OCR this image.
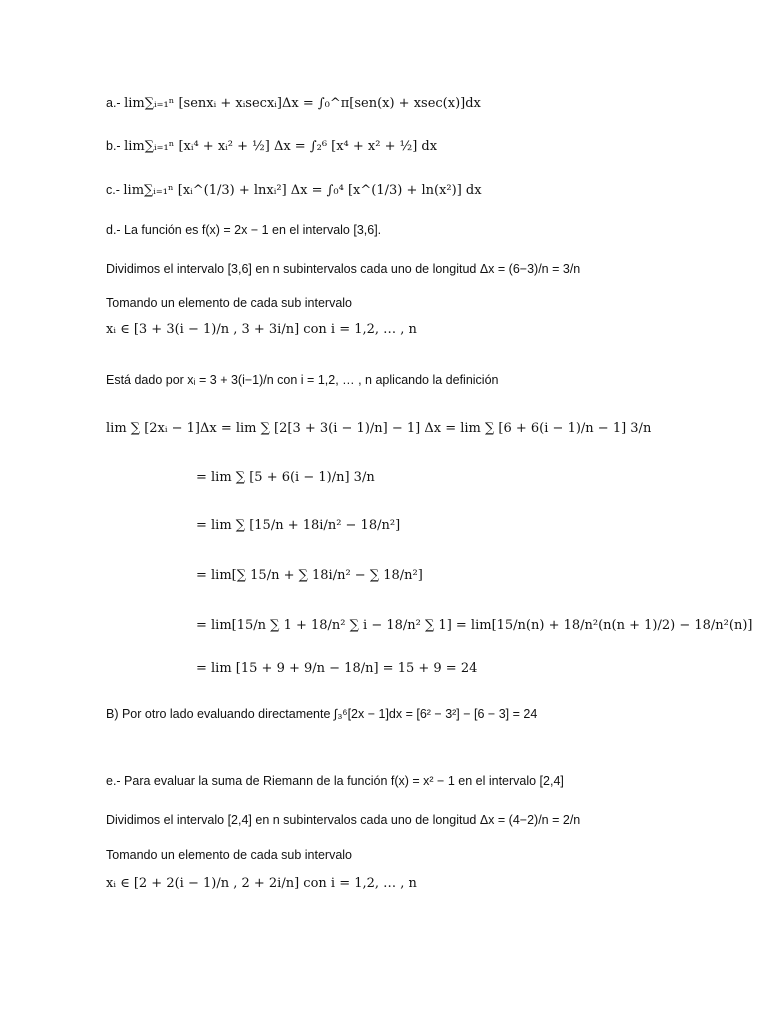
a.- lim∑ᵢ₌₁ⁿ [senxᵢ + xᵢsecxᵢ]Δx = ∫₀^π[sen(x) + xsec(x)]dx
b.- lim∑ᵢ₌₁ⁿ [xᵢ⁴ + xᵢ² + ½] Δx = ∫₂⁶ [x⁴ + x² + ½] dx
c.- lim∑ᵢ₌₁ⁿ [xᵢ^(1/3) + lnxᵢ²] Δx = ∫₀⁴ [x^(1/3) + ln(x²)] dx
d.- La función es f(x) = 2x − 1 en el intervalo [3,6].
Dividimos el intervalo [3,6] en n subintervalos cada uno de longitud Δx = (6−3)/n = 3/n
Tomando un elemento de cada sub intervalo
xᵢ ∈ [3 + 3(i − 1)/n , 3 + 3i/n] con i = 1,2, … , n
Está dado por xᵢ = 3 + 3(i−1)/n con i = 1,2, … , n aplicando la definición
lim ∑ [2xᵢ − 1]Δx = lim ∑ [2[3 + 3(i − 1)/n] − 1] Δx = lim ∑ [6 + 6(i − 1)/n − 1] 3/n
= lim ∑ [5 + 6(i − 1)/n] 3/n
= lim ∑ [15/n + 18i/n² − 18/n²]
= lim[∑ 15/n + ∑ 18i/n² − ∑ 18/n²]
= lim[15/n ∑ 1 + 18/n² ∑ i − 18/n² ∑ 1] = lim[15/n(n) + 18/n²(n(n + 1)/2) − 18/n²(n)]
= lim [15 + 9 + 9/n − 18/n] = 15 + 9 = 24
B) Por otro lado evaluando directamente ∫₃⁶[2x − 1]dx = [6² − 3²] − [6 − 3] = 24
e.- Para evaluar la suma de Riemann de la función f(x) = x² − 1 en el intervalo [2,4]
Dividimos el intervalo [2,4] en n subintervalos cada uno de longitud Δx = (4−2)/n = 2/n
Tomando un elemento de cada sub intervalo
xᵢ ∈ [2 + 2(i − 1)/n , 2 + 2i/n] con i = 1,2, … , n
